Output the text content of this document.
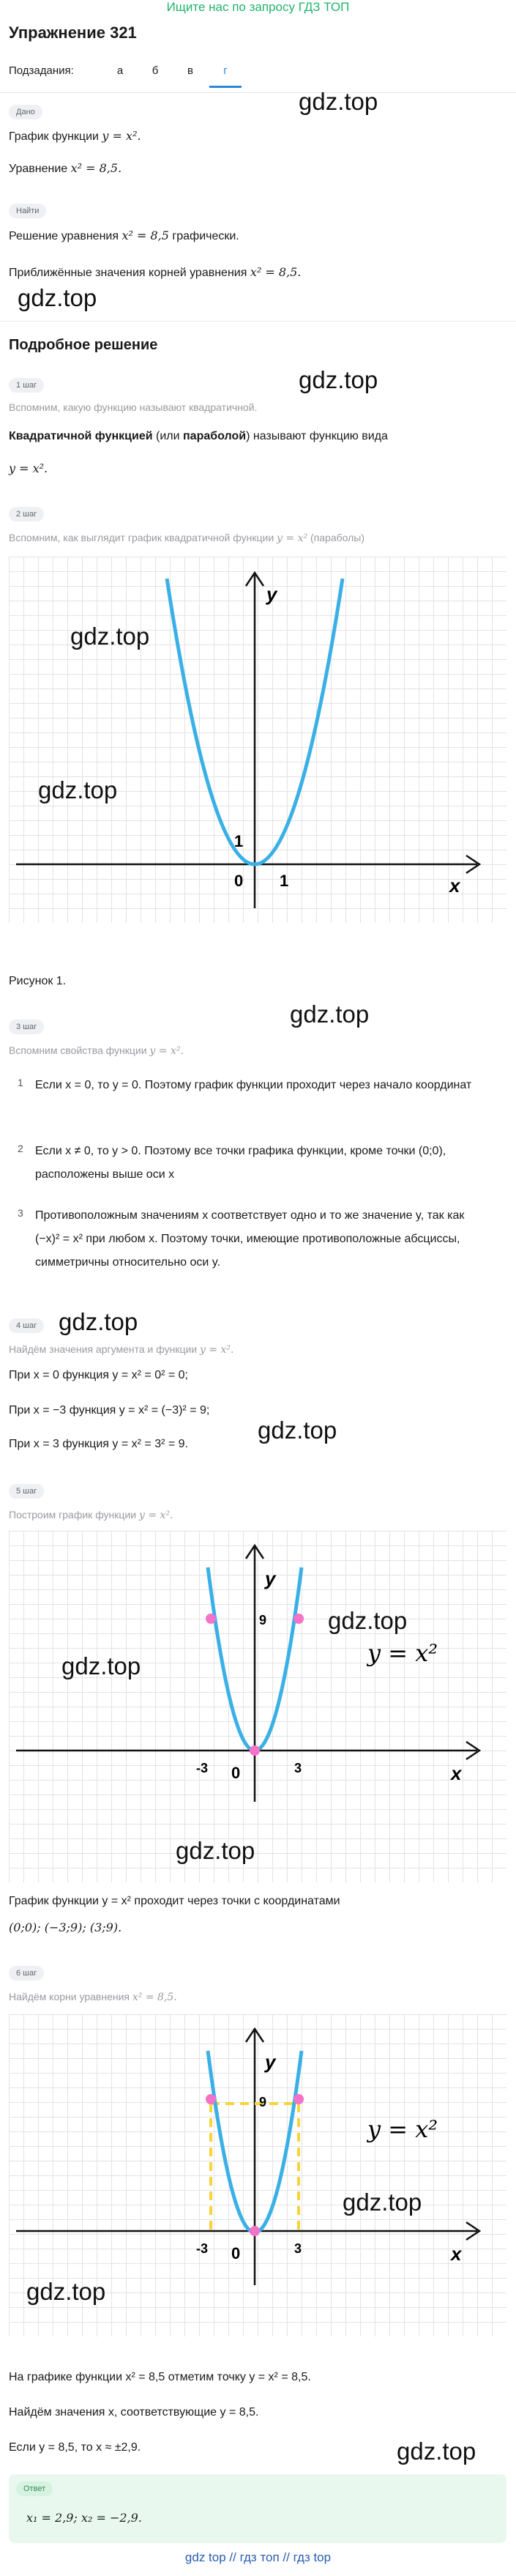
Ищите нас по запросу ГДЗ ТОП
Упражнение 321
Подзадания:	а	б	в	г
Дано	gdz.top
График функции y = x².
Уравнение x² = 8,5.
Найти
Решение уравнения x² = 8,5 графически.
Приближённые значения корней уравнения x² = 8,5.
gdz.top
Подробное решение
gdz.top
1 шаг
Вспомним, какую функцию называют квадратичной.
Квадратичной функцией (или параболой) называют функцию вида
y = x².
2 шаг
Вспомним, как выглядит график квадратичной функции y = x² (параболы)
y
x
0 1
1
gdz.top
gdz.top
Рисунок 1.
gdz.top
3 шаг
Вспомним свойства функции y = x².
1 Если x = 0, то y = 0. Поэтому график функции проходит через начало координат
2 Если x ≠ 0, то y > 0. Поэтому все точки графика функции, кроме точки (0;0), расположены выше оси x
3 Противоположным значениям x соответствует одно и то же значение y, так как (−x)² = x² при любом x. Поэтому точки, имеющие противоположные абсциссы, симметричны относительно оси y.
4 шаг gdz.top
Найдём значения аргумента и функции y = x².
При x = 0 функция y = x² = 0² = 0;
При x = −3 функция y = x² = (−3)² = 9;
При x = 3 функция y = x² = 3² = 9.
gdz.top
5 шаг
Построим график функции y = x².
y
x
0
-3	3
9
y = x²
gdz.top
gdz.top
gdz.top
График функции y = x² проходит через точки с координатами
(0;0); (−3;9); (3;9).
6 шаг
Найдём корни уравнения x² = 8,5.
y
x
0
-3	3
9
y = x²
gdz.top
gdz.top
На графике функции x² = 8,5 отметим точку y = x² = 8,5.
Найдём значения x, соответствующие y = 8,5.
Если y = 8,5, то x ≈ ±2,9.
Ответ
x₁ = 2,9; x₂ = −2,9.
gdz.top
gdz top // гдз топ // гдз top
